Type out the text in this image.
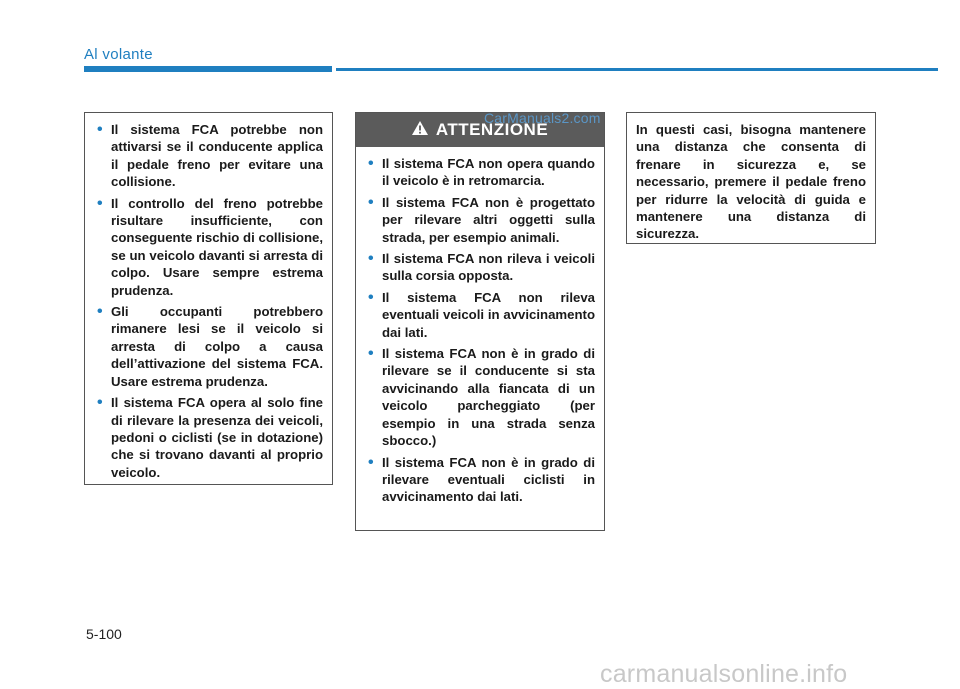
Al volante
• Il sistema FCA potrebbe non attivarsi se il conducente applica il pedale freno per evitare una collisione.
• Il controllo del freno potrebbe risultare insufficiente, con conseguente rischio di collisione, se un veicolo davanti si arresta di colpo. Usare sempre estrema prudenza.
• Gli occupanti potrebbero rimanere lesi se il veicolo si arresta di colpo a causa dell’attivazione del sistema FCA. Usare estrema prudenza.
• Il sistema FCA opera al solo fine di rilevare la presenza dei veicoli, pedoni o ciclisti (se in dotazione) che si trovano davanti al proprio veicolo.
ATTENZIONE
• Il sistema FCA non opera quando il veicolo è in retromarcia.
• Il sistema FCA non è progettato per rilevare altri oggetti sulla strada, per esempio animali.
• Il sistema FCA non rileva i veicoli sulla corsia opposta.
• Il sistema FCA non rileva eventuali veicoli in avvicinamento dai lati.
• Il sistema FCA non è in grado di rilevare se il conducente si sta avvicinando alla fiancata di un veicolo parcheggiato (per esempio in una strada senza sbocco.)
• Il sistema FCA non è in grado di rilevare eventuali ciclisti in avvicinamento dai lati.
In questi casi, bisogna mantenere una distanza che consenta di frenare in sicurezza e, se necessario, premere il pedale freno per ridurre la velocità di guida e mantenere una distanza di sicurezza.
CarManuals2.com
5-100
carmanualsonline.info
